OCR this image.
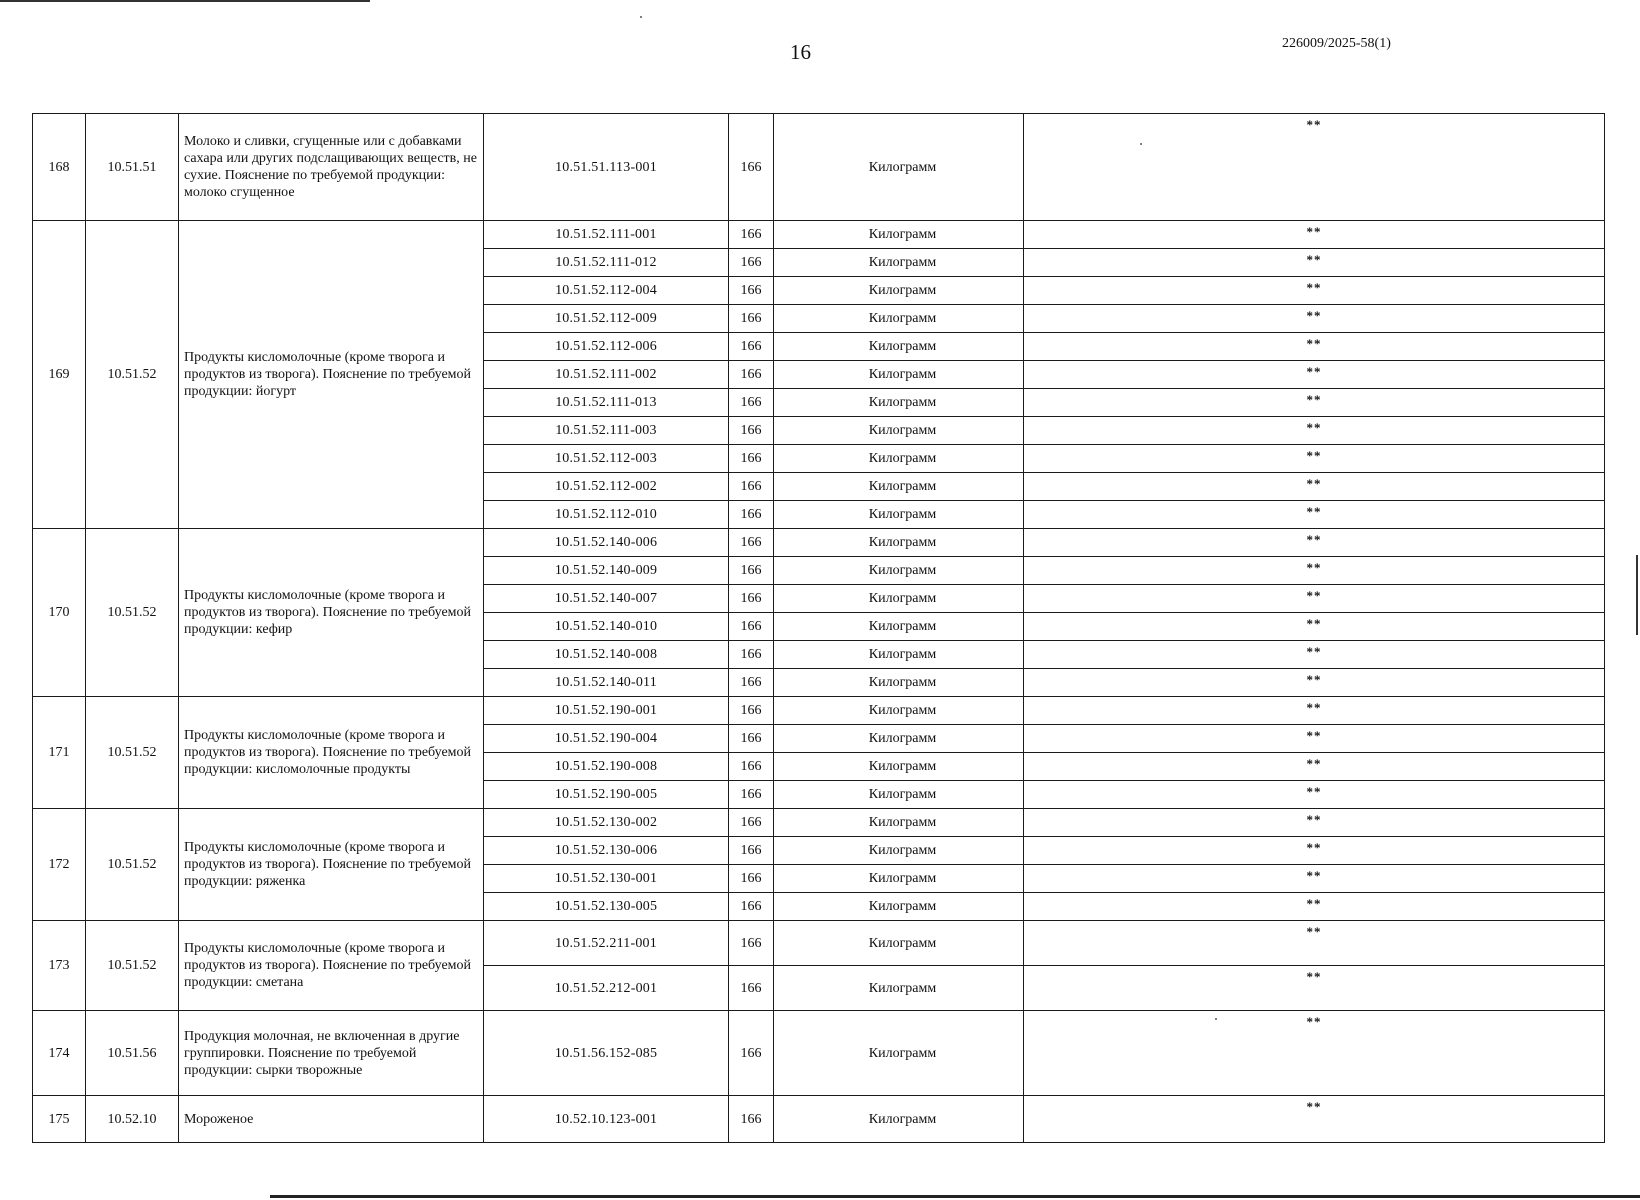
16	226009/2025-58(1)
168	10.51.51	Молоко и сливки, сгущенные или с добавками сахара или других подслащивающих веществ, не сухие. Пояснение по требуемой продукции: молоко сгущенное	10.51.51.113-001	166	Килограмм	**
169	10.51.52	Продукты кисломолочные (кроме творога и продуктов из творога). Пояснение по требуемой продукции: йогурт	10.51.52.111-001	166	Килограмм	**
			10.51.52.111-012	166	Килограмм	**
			10.51.52.112-004	166	Килограмм	**
			10.51.52.112-009	166	Килограмм	**
			10.51.52.112-006	166	Килограмм	**
			10.51.52.111-002	166	Килограмм	**
			10.51.52.111-013	166	Килограмм	**
			10.51.52.111-003	166	Килограмм	**
			10.51.52.112-003	166	Килограмм	**
			10.51.52.112-002	166	Килограмм	**
			10.51.52.112-010	166	Килограмм	**
170	10.51.52	Продукты кисломолочные (кроме творога и продуктов из творога). Пояснение по требуемой продукции: кефир	10.51.52.140-006	166	Килограмм	**
			10.51.52.140-009	166	Килограмм	**
			10.51.52.140-007	166	Килограмм	**
			10.51.52.140-010	166	Килограмм	**
			10.51.52.140-008	166	Килограмм	**
			10.51.52.140-011	166	Килограмм	**
171	10.51.52	Продукты кисломолочные (кроме творога и продуктов из творога). Пояснение по требуемой продукции: кисломолочные продукты	10.51.52.190-001	166	Килограмм	**
			10.51.52.190-004	166	Килограмм	**
			10.51.52.190-008	166	Килограмм	**
			10.51.52.190-005	166	Килограмм	**
172	10.51.52	Продукты кисломолочные (кроме творога и продуктов из творога). Пояснение по требуемой продукции: ряженка	10.51.52.130-002	166	Килограмм	**
			10.51.52.130-006	166	Килограмм	**
			10.51.52.130-001	166	Килограмм	**
			10.51.52.130-005	166	Килограмм	**
173	10.51.52	Продукты кисломолочные (кроме творога и продуктов из творога). Пояснение по требуемой продукции: сметана	10.51.52.211-001	166	Килограмм	**
			10.51.52.212-001	166	Килограмм	**
174	10.51.56	Продукция молочная, не включенная в другие группировки. Пояснение по требуемой продукции: сырки творожные	10.51.56.152-085	166	Килограмм	**
175	10.52.10	Мороженое	10.52.10.123-001	166	Килограмм	**
